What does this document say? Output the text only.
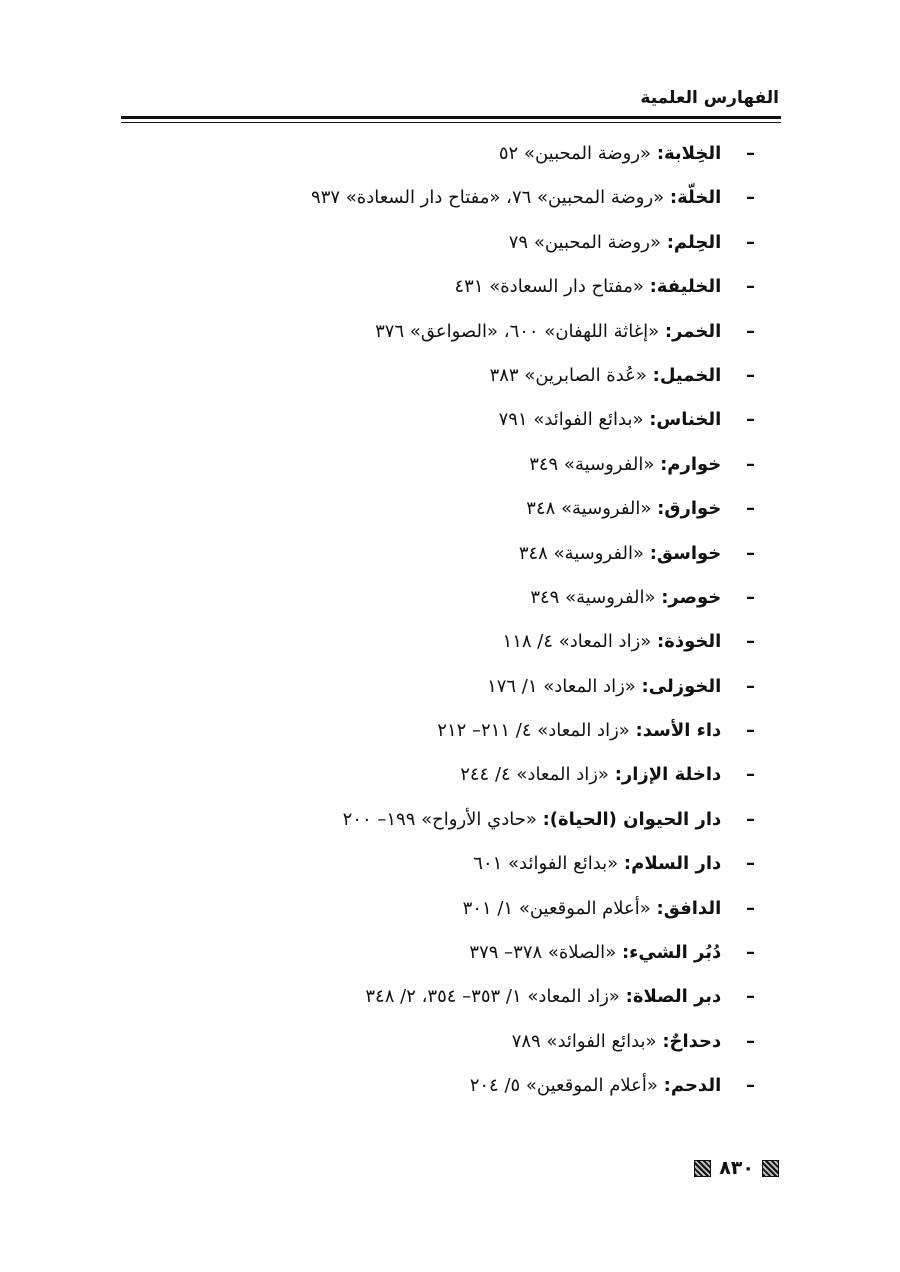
الفهارس العلمية
– الخِلابة: «روضة المحبين» ٥٢
– الخلّة: «روضة المحبين» ٧٦، «مفتاح دار السعادة» ٩٣٧
– الحِلم: «روضة المحبين» ٧٩
– الخليفة: «مفتاح دار السعادة» ٤٣١
– الخمر: «إغاثة اللهفان» ٦٠٠، «الصواعق» ٣٧٦
– الخميل: «عُدة الصابرين» ٣٨٣
– الخناس: «بدائع الفوائد» ٧٩١
– خوارم: «الفروسية» ٣٤٩
– خوارق: «الفروسية» ٣٤٨
– خواسق: «الفروسية» ٣٤٨
– خوصر: «الفروسية» ٣٤٩
– الخوذة: «زاد المعاد» ٤/ ١١٨
– الخوزلى: «زاد المعاد» ١/ ١٧٦
– داء الأسد: «زاد المعاد» ٤/ ٢١١– ٢١٢
– داخلة الإزار: «زاد المعاد» ٤/ ٢٤٤
– دار الحيوان (الحياة): «حادي الأرواح» ١٩٩– ٢٠٠
– دار السلام: «بدائع الفوائد» ٦٠١
– الدافق: «أعلام الموقعين» ١/ ٣٠١
– دُبُر الشيء: «الصلاة» ٣٧٨– ٣٧٩
– دبر الصلاة: «زاد المعاد» ١/ ٣٥٣– ٣٥٤، ٢/ ٣٤٨
– دحداحٌ: «بدائع الفوائد» ٧٨٩
– الدحم: «أعلام الموقعين» ٥/ ٢٠٤
٨٣٠
